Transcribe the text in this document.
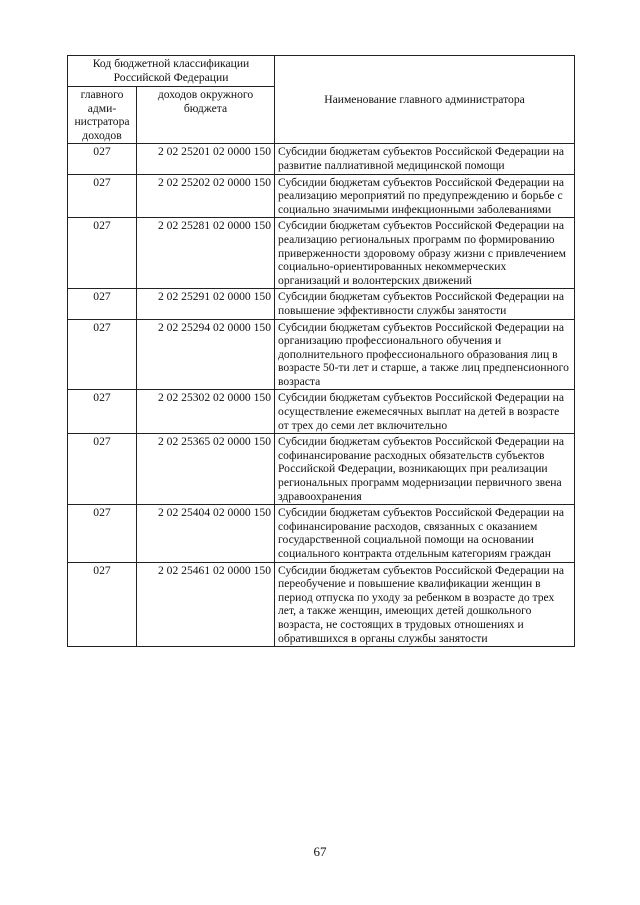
Код бюджетной классификации Российской Федерации		Наименование главного администратора
главного адми-нистратора доходов	доходов окружного бюджета	
027	2 02 25201 02 0000 150	Субсидии бюджетам субъектов Российской Федерации на развитие паллиативной медицинской помощи
027	2 02 25202 02 0000 150	Субсидии бюджетам субъектов Российской Федерации на реализацию мероприятий по предупреждению и борьбе с социально значимыми инфекционными заболеваниями
027	2 02 25281 02 0000 150	Субсидии бюджетам субъектов Российской Федерации на реализацию региональных программ по формированию приверженности здоровому образу жизни с привлечением социально-ориентированных некоммерческих организаций и волонтерских движений
027	2 02 25291 02 0000 150	Субсидии бюджетам субъектов Российской Федерации на повышение эффективности службы занятости
027	2 02 25294 02 0000 150	Субсидии бюджетам субъектов Российской Федерации на организацию профессионального обучения и дополнительного профессионального образования лиц в возрасте 50-ти лет и старше, а также лиц предпенсионного возраста
027	2 02 25302 02 0000 150	Субсидии бюджетам субъектов Российской Федерации на осуществление ежемесячных выплат на детей в возрасте от трех до семи лет включительно
027	2 02 25365 02 0000 150	Субсидии бюджетам субъектов Российской Федерации на софинансирование расходных обязательств субъектов Российской Федерации, возникающих при реализации региональных программ модернизации первичного звена здравоохранения
027	2 02 25404 02 0000 150	Субсидии бюджетам субъектов Российской Федерации на софинансирование расходов, связанных с оказанием государственной социальной помощи на основании социального контракта отдельным категориям граждан
027	2 02 25461 02 0000 150	Субсидии бюджетам субъектов Российской Федерации на переобучение и повышение квалификации женщин в период отпуска по уходу за ребенком в возрасте до трех лет, а также женщин, имеющих детей дошкольного возраста, не состоящих в трудовых отношениях и обратившихся в органы службы занятости
67
